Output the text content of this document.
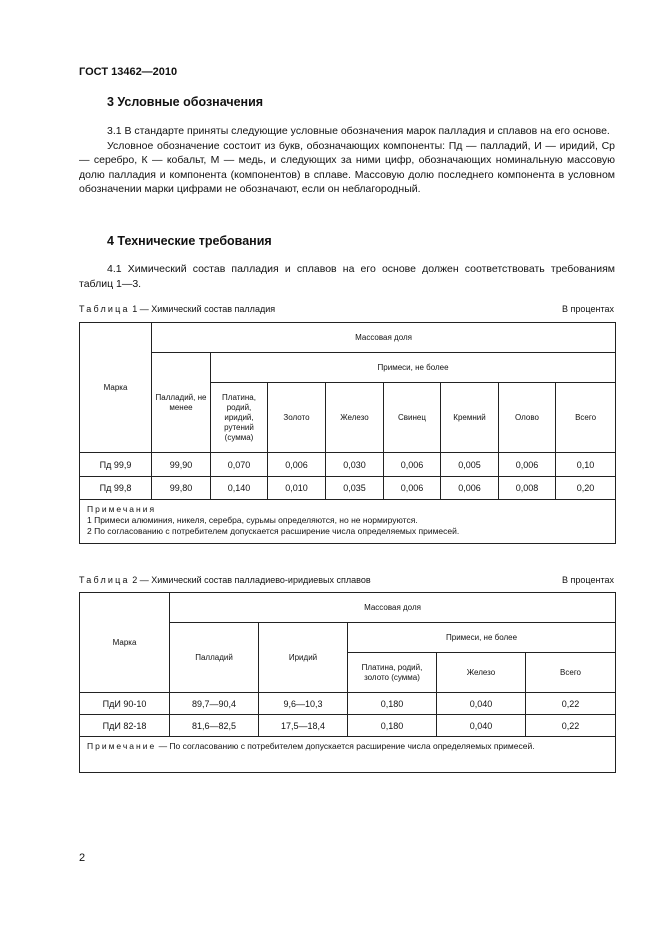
ГОСТ 13462—2010
3 Условные обозначения

3.1 В стандарте приняты следующие условные обозначения марок палладия и сплавов на его основе.

Условное обозначение состоит из букв, обозначающих компоненты: Пд — палладий, И — иридий, Ср — серебро, К — кобальт, М — медь, и следующих за ними цифр, обозначающих номинальную массовую долю палладия и компонента (компонентов) в сплаве. Массовую долю последнего компонента в условном обозначении марки цифрами не обозначают, если он неблагородный.

4 Технические требования

4.1 Химический состав палладия и сплавов на его основе должен соответствовать требованиям таблиц 1—3.

Таблица 1 — Химический состав палладия	В процентах
Марка	Массовая доля							
	Палладий, не менее	Примеси, не более						
		Платина, родий, иридий, рутений (сумма)	Золото	Железо	Свинец	Кремний	Олово	Всего
Пд 99,9	99,90	0,070	0,006	0,030	0,006	0,005	0,006	0,10
Пд 99,8	99,80	0,140	0,010	0,035	0,006	0,006	0,008	0,20

Примечания
1 Примеси алюминия, никеля, серебра, сурьмы определяются, но не нормируются.
2 По согласованию с потребителем допускается расширение числа определяемых примесей.								
Таблица 2 — Химический состав палладиево-иридиевых сплавов	В процентах
Марка	Массовая доля				
	Палладий	Иридий	Примеси, не более		
			Платина, родий, золото (сумма)	Железо	Всего
ПдИ 90-10	89,7—90,4	9,6—10,3	0,180	0,040	0,22
ПдИ 82-18	81,6—82,5	17,5—18,4	0,180	0,040	0,22
Примечание — По согласованию с потребителем допускается расширение числа определяемых примесей.					
2
